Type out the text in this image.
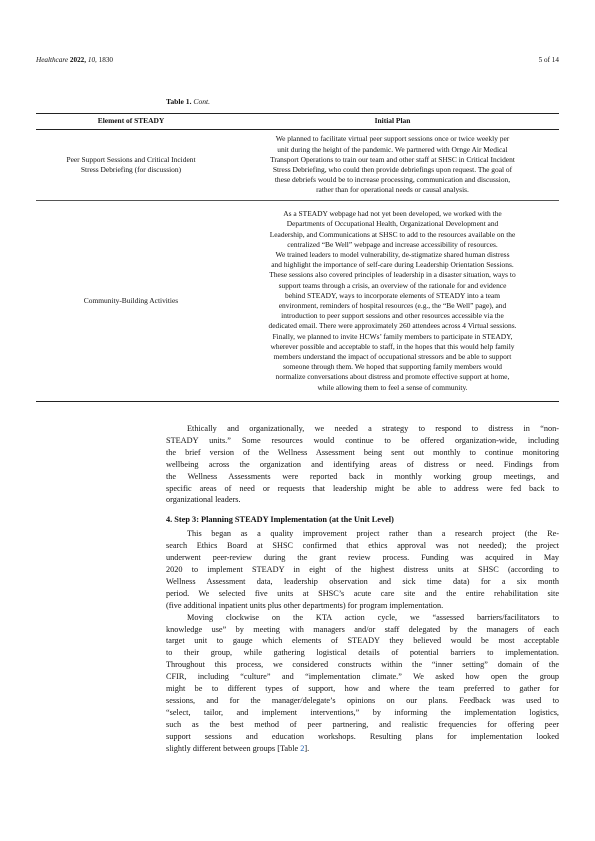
Healthcare 2022, 10, 1830	5 of 14
Table 1. Cont.
Element of STEADY	Initial Plan
Peer Support Sessions and Critical Incident
Stress Debriefing (for discussion)
We planned to facilitate virtual peer support sessions once or twice weekly per
unit during the height of the pandemic. We partnered with Ornge Air Medical
Transport Operations to train our team and other staff at SHSC in Critical Incident
Stress Debriefing, who could then provide debriefings upon request. The goal of
these debriefs would be to increase processing, communication and discussion,
rather than for operational needs or causal analysis.
Community-Building Activities
As a STEADY webpage had not yet been developed, we worked with the
Departments of Occupational Health, Organizational Development and
Leadership, and Communications at SHSC to add to the resources available on the
centralized “Be Well” webpage and increase accessibility of resources.
We trained leaders to model vulnerability, de-stigmatize shared human distress
and highlight the importance of self-care during Leadership Orientation Sessions.
These sessions also covered principles of leadership in a disaster situation, ways to
support teams through a crisis, an overview of the rationale for and evidence
behind STEADY, ways to incorporate elements of STEADY into a team
environment, reminders of hospital resources (e.g., the “Be Well” page), and
introduction to peer support sessions and other resources accessible via the
dedicated email. There were approximately 260 attendees across 4 Virtual sessions.
Finally, we planned to invite HCWs’ family members to participate in STEADY,
wherever possible and acceptable to staff, in the hopes that this would help family
members understand the impact of occupational stressors and be able to support
someone through them. We hoped that supporting family members would
normalize conversations about distress and promote effective support at home,
while allowing them to feel a sense of community.

Ethically and organizationally, we needed a strategy to respond to distress in “non-
STEADY units.” Some resources would continue to be offered organization-wide, including
the brief version of the Wellness Assessment being sent out monthly to continue monitoring
wellbeing across the organization and identifying areas of distress or need. Findings from
the Wellness Assessments were reported back in monthly working group meetings, and
specific areas of need or requests that leadership might be able to address were fed back to
organizational leaders.

4. Step 3: Planning STEADY Implementation (at the Unit Level)

This began as a quality improvement project rather than a research project (the Re-
search Ethics Board at SHSC confirmed that ethics approval was not needed); the project
underwent peer-review during the grant review process. Funding was acquired in May
2020 to implement STEADY in eight of the highest distress units at SHSC (according to
Wellness Assessment data, leadership observation and sick time data) for a six month
period. We selected five units at SHSC’s acute care site and the entire rehabilitation site
(five additional inpatient units plus other departments) for program implementation.

Moving clockwise on the KTA action cycle, we “assessed barriers/facilitators to
knowledge use” by meeting with managers and/or staff delegated by the managers of each
target unit to gauge which elements of STEADY they believed would be most acceptable
to their group, while gathering logistical details of potential barriers to implementation.
Throughout this process, we considered constructs within the “inner setting” domain of the
CFIR, including “culture” and “implementation climate.” We asked how open the group
might be to different types of support, how and where the team preferred to gather for
sessions, and for the manager/delegate’s opinions on our plans. Feedback was used to
“select, tailor, and implement interventions,” by informing the implementation logistics,
such as the best method of peer partnering, and realistic frequencies for offering peer
support sessions and education workshops. Resulting plans for implementation looked
slightly different between groups [Table 2].
